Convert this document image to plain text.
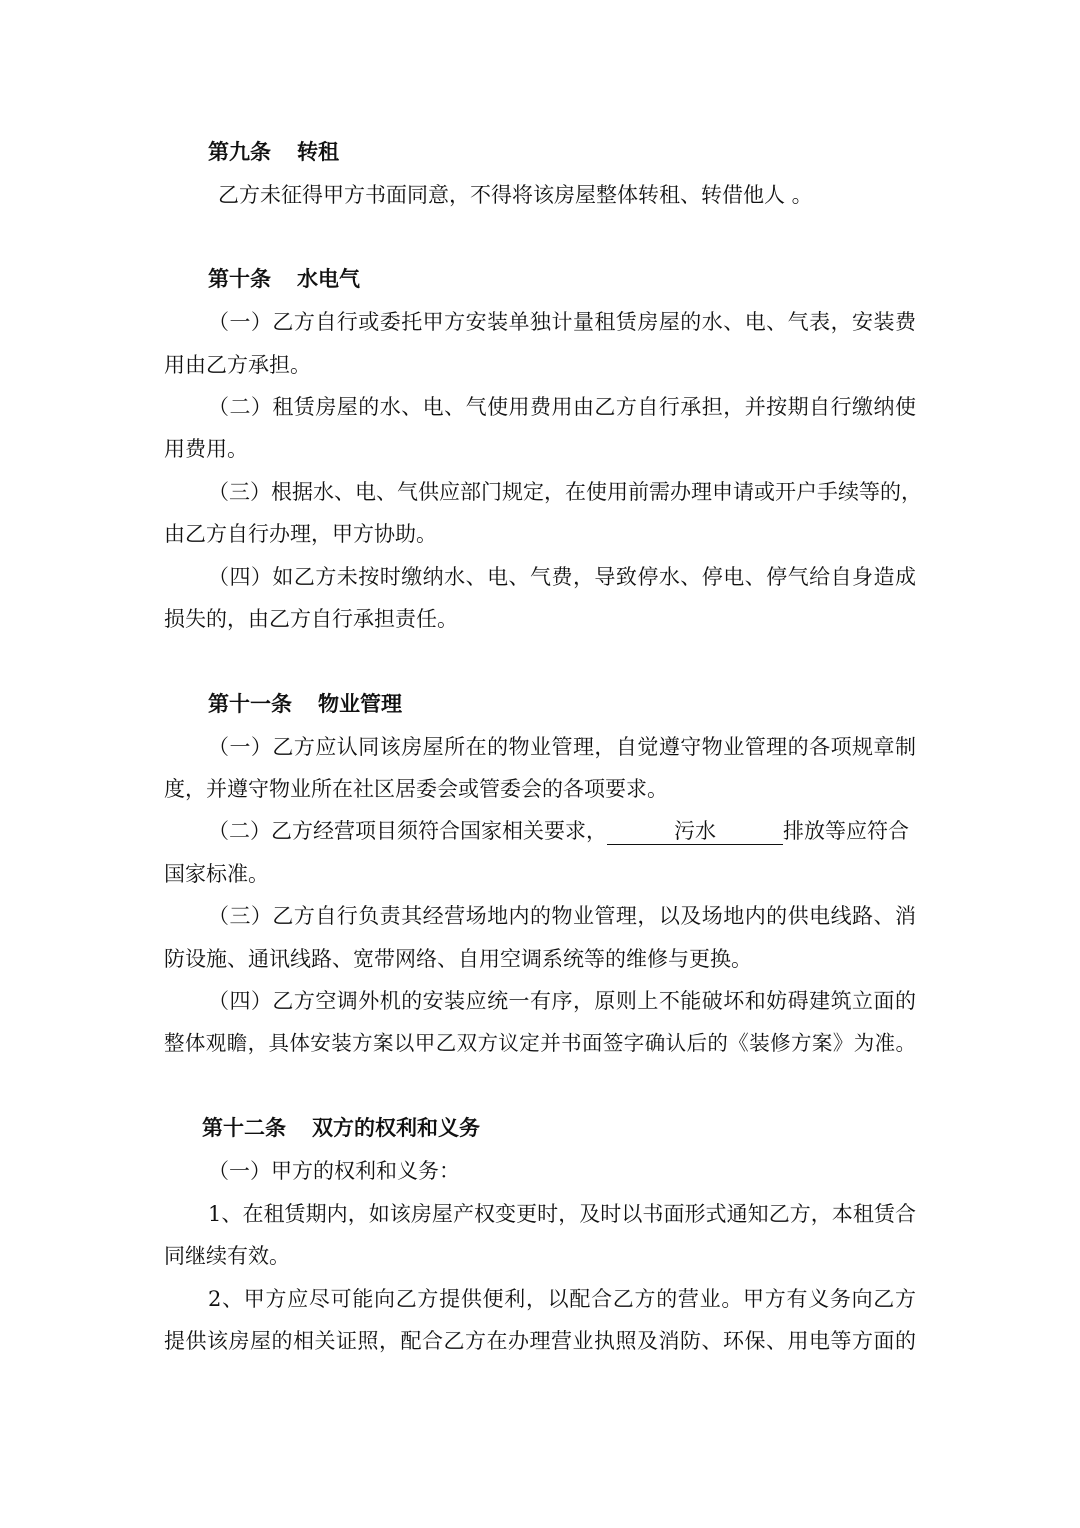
第九条 转租
乙方未征得甲方书面同意，不得将该房屋整体转租、转借他人 。
第十条 水电气
（一）乙方自行或委托甲方安装单独计量租赁房屋的水、电、气表，安装费
用由乙方承担。
（二）租赁房屋的水、电、气使用费用由乙方自行承担，并按期自行缴纳使
用费用。
（三）根据水、电、气供应部门规定，在使用前需办理申请或开户手续等的，
由乙方自行办理，甲方协助。
（四）如乙方未按时缴纳水、电、气费，导致停水、停电、停气给自身造成
损失的，由乙方自行承担责任。
第十一条 物业管理
（一）乙方应认同该房屋所在的物业管理，自觉遵守物业管理的各项规章制
度，并遵守物业所在社区居委会或管委会的各项要求。
（二）乙方经营项目须符合国家相关要求，	污水	排放等应符合
国家标准。
（三）乙方自行负责其经营场地内的物业管理，以及场地内的供电线路、消
防设施、通讯线路、宽带网络、自用空调系统等的维修与更换。
（四）乙方空调外机的安装应统一有序，原则上不能破坏和妨碍建筑立面的
整体观瞻，具体安装方案以甲乙双方议定并书面签字确认后的《装修方案》为准。
第十二条 双方的权利和义务
（一）甲方的权利和义务：
1、在租赁期内，如该房屋产权变更时，及时以书面形式通知乙方，本租赁合
同继续有效。
2、甲方应尽可能向乙方提供便利，以配合乙方的营业。甲方有义务向乙方
提供该房屋的相关证照，配合乙方在办理营业执照及消防、环保、用电等方面的
